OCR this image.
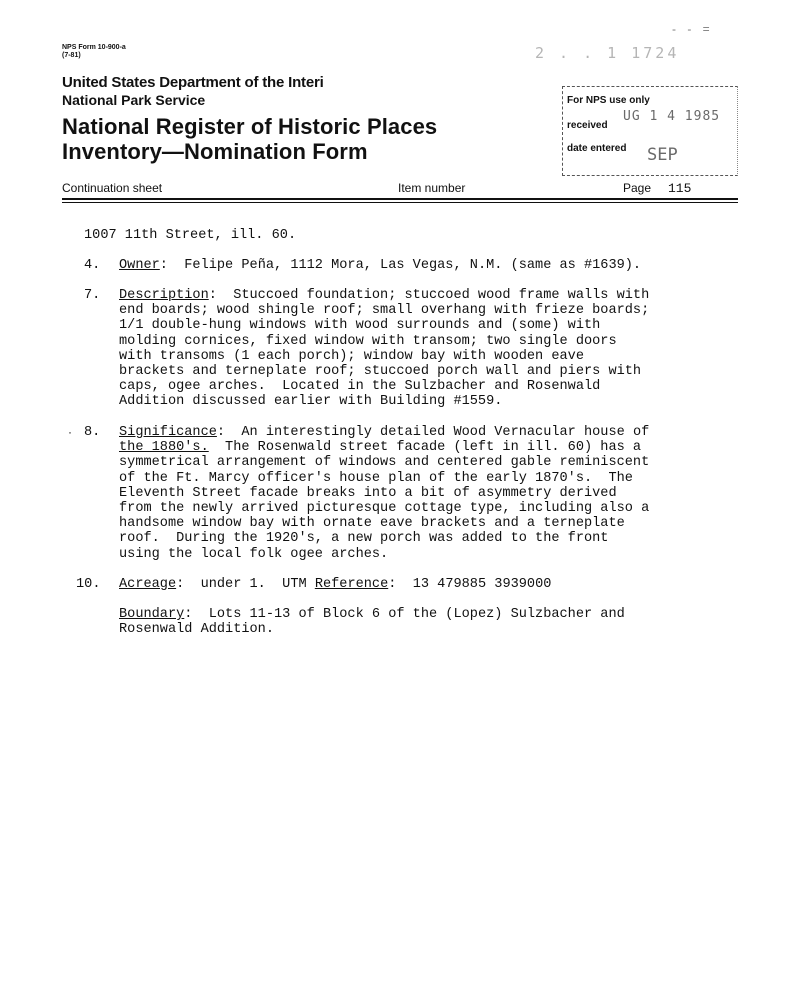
NPS Form 10-900-a
(7-81)	2 . . 1 1724
- - =
United States Department of the Interi
National Park Service
National Register of Historic Places
Inventory—Nomination Form
For NPS use only
received
UG 1 4 1985
date entered SEP
Continuation sheet	Item number	Page 115
1007 11th Street, ill. 60.
4. Owner:  Felipe Peña, 1112 Mora, Las Vegas, N.M. (same as #1639).
7. Description:  Stuccoed foundation; stuccoed wood frame walls with
end boards; wood shingle roof; small overhang with frieze boards;
1/1 double-hung windows with wood surrounds and (some) with
molding cornices, fixed window with transom; two single doors
with transoms (1 each porch); window bay with wooden eave
brackets and terneplate roof; stuccoed porch wall and piers with
caps, ogee arches.  Located in the Sulzbacher and Rosenwald
Addition discussed earlier with Building #1559.
· 8. Significance:  An interestingly detailed Wood Vernacular house of
the 1880's.  The Rosenwald street facade (left in ill. 60) has a
symmetrical arrangement of windows and centered gable reminiscent
of the Ft. Marcy officer's house plan of the early 1870's.  The
Eleventh Street facade breaks into a bit of asymmetry derived
from the newly arrived picturesque cottage type, including also a
handsome window bay with ornate eave brackets and a terneplate
roof.  During the 1920's, a new porch was added to the front
using the local folk ogee arches.
10. Acreage:  under 1.  UTM Reference:  13 479885 3939000
Boundary:  Lots 11-13 of Block 6 of the (Lopez) Sulzbacher and
Rosenwald Addition.
